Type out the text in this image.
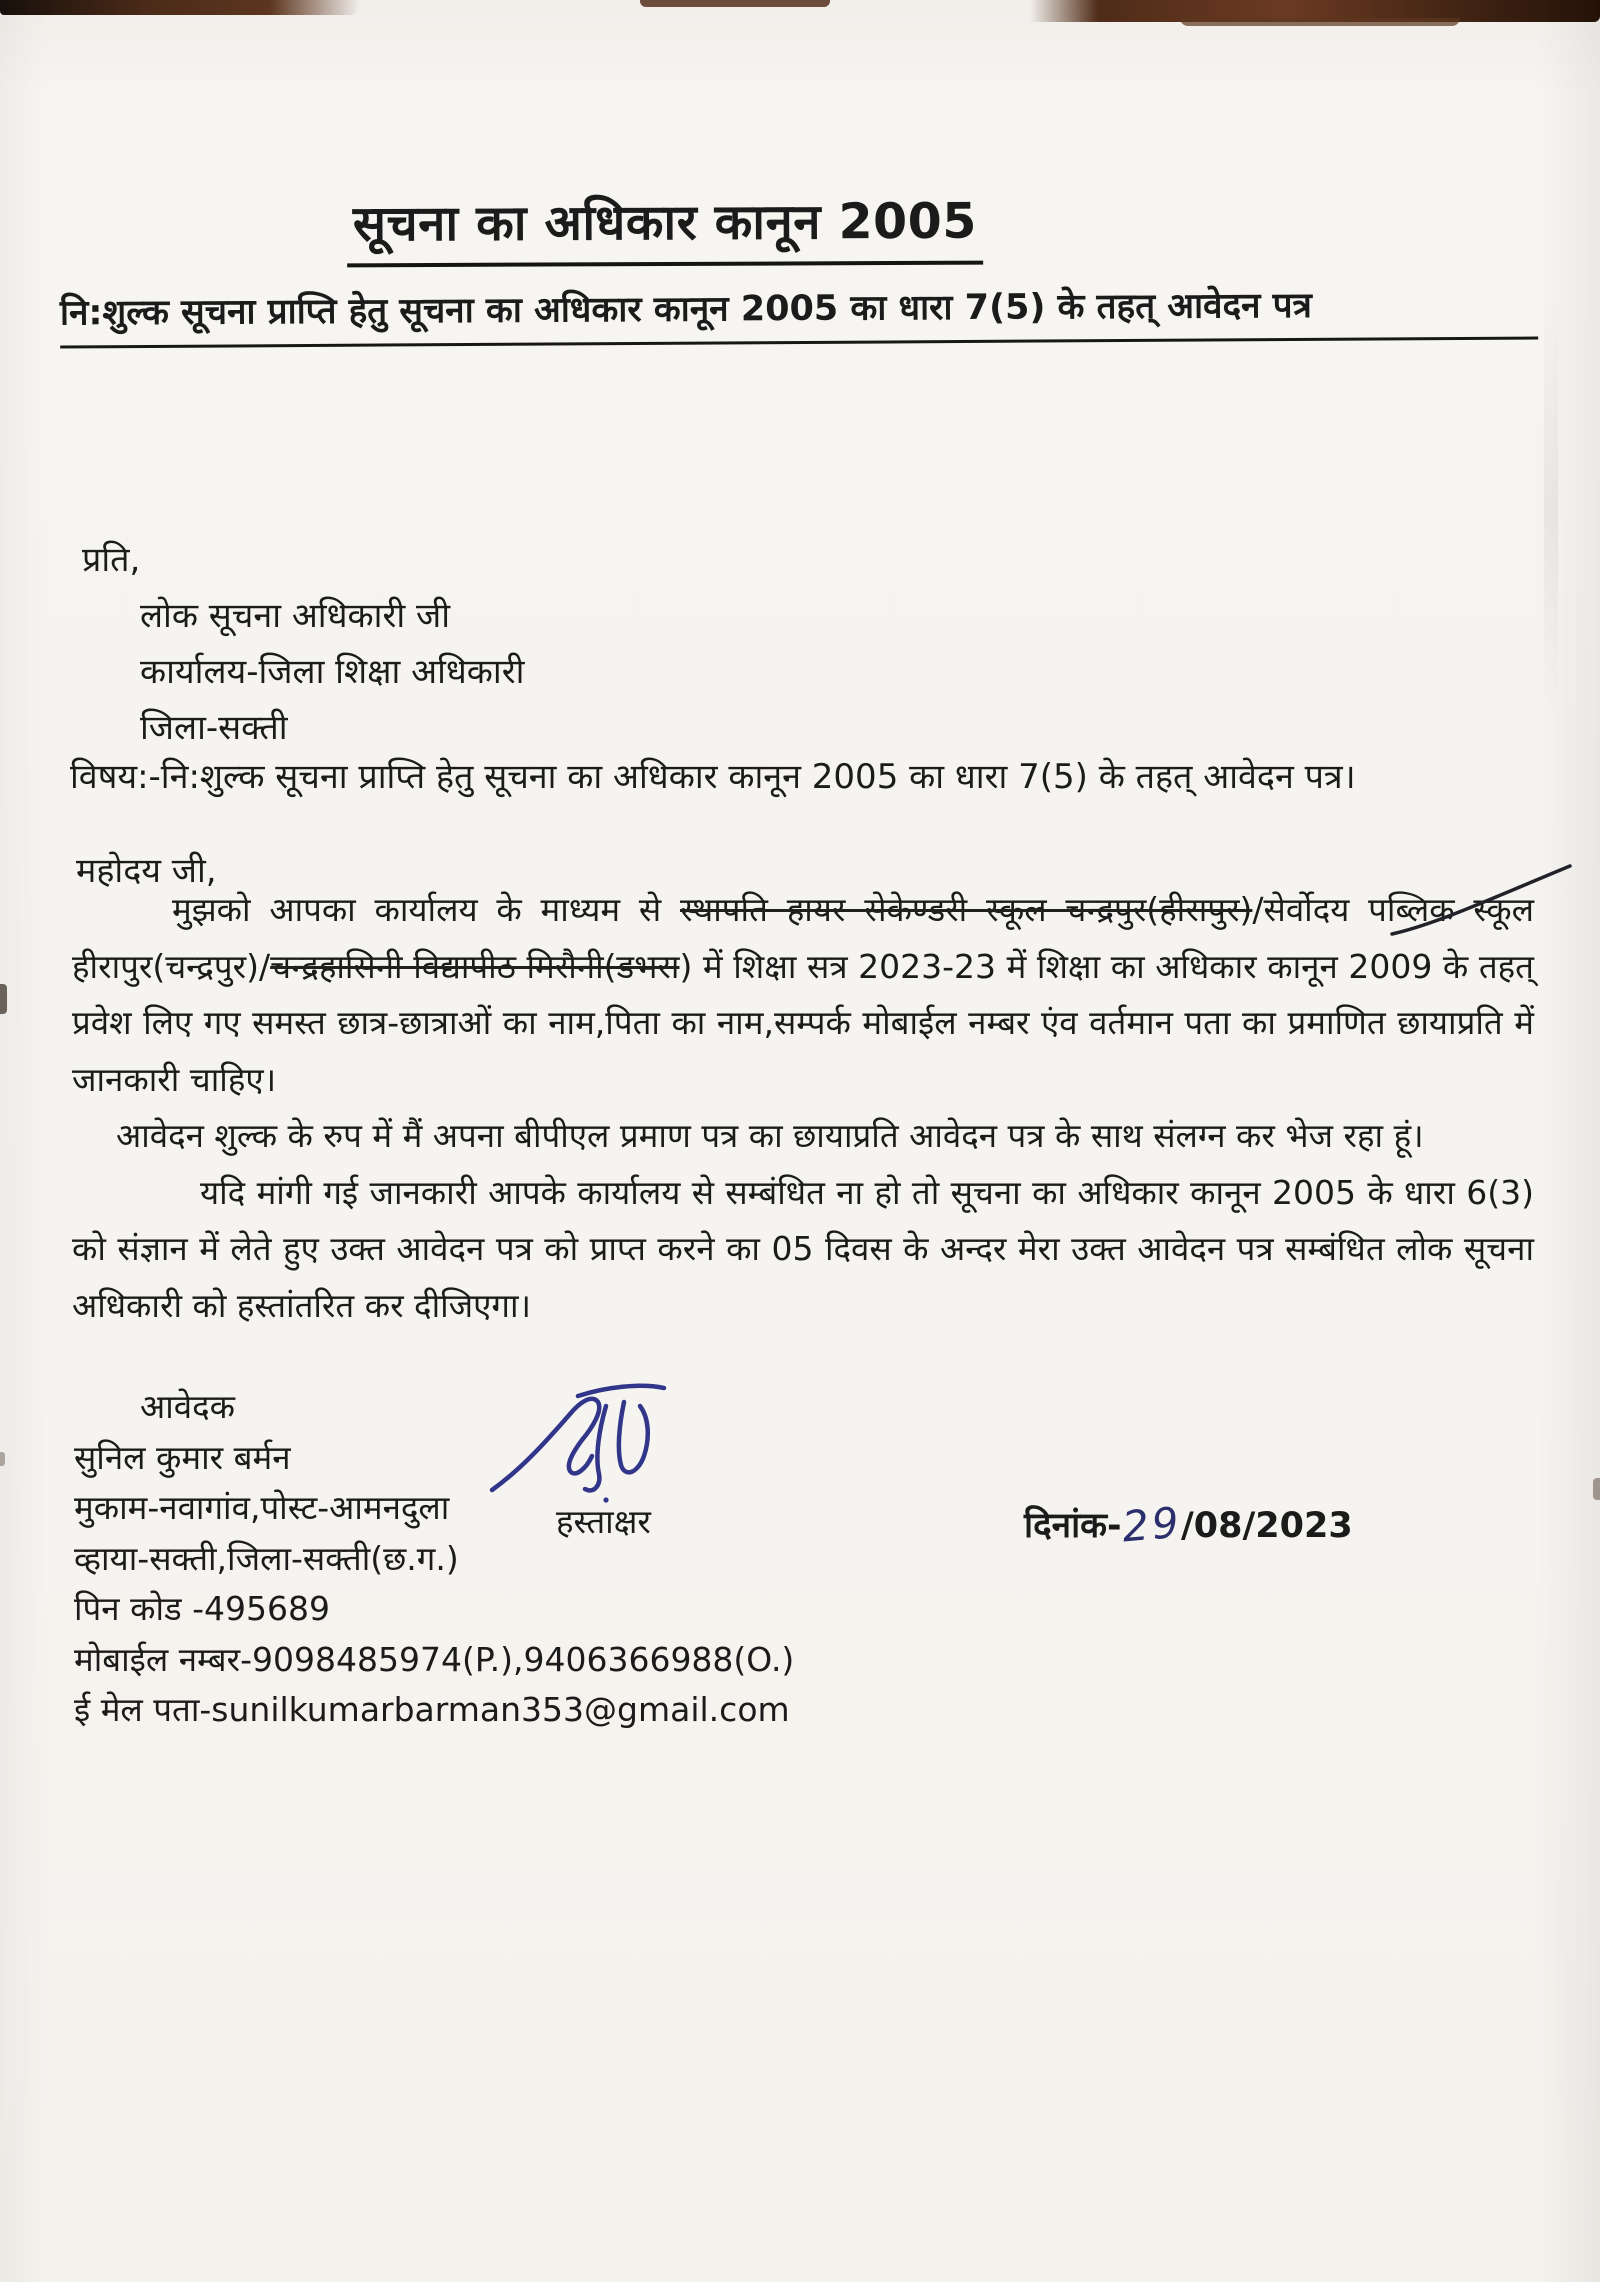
सूचना का अधिकार कानून 2005
नि:शुल्क सूचना प्राप्ति हेतु सूचना का अधिकार कानून 2005 का धारा 7(5) के तहत् आवेदन पत्र
प्रति,
लोक सूचना अधिकारी जी
कार्यालय-जिला शिक्षा अधिकारी
जिला-सक्ती

विषय:-नि:शुल्क सूचना प्राप्ति हेतु सूचना का अधिकार कानून 2005 का धारा 7(5) के तहत् आवेदन पत्र।

महोदय जी,

मुझको आपका कार्यालय के माध्यम से स्थापति हायर सेकेण्डरी स्कूल चन्द्रपुर(हीरापुर)/सेर्वोदय पब्लिक स्कूल हीरापुर(चन्द्रपुर)/चन्द्रहासिनी विद्यापीठ मिरौनी(डभरा) में शिक्षा सत्र 2023-23 में शिक्षा का अधिकार कानून 2009 के तहत् प्रवेश लिए गए समस्त छात्र-छात्राओं का नाम,पिता का नाम,सम्पर्क मोबाईल नम्बर एंव वर्तमान पता का प्रमाणित छायाप्रति में जानकारी चाहिए।

आवेदन शुल्क के रुप में मैं अपना बीपीएल प्रमाण पत्र का छायाप्रति आवेदन पत्र के साथ संलग्न कर भेज रहा हूं।

यदि मांगी गई जानकारी आपके कार्यालय से सम्बंधित ना हो तो सूचना का अधिकार कानून 2005 के धारा 6(3) को संज्ञान में लेते हुए उक्त आवेदन पत्र को प्राप्त करने का 05 दिवस के अन्दर मेरा उक्त आवेदन पत्र सम्बंधित लोक सूचना अधिकारी को हस्तांतरित कर दीजिएगा।

आवेदक
सुनिल कुमार बर्मन
मुकाम-नवागांव,पोस्ट-आमनदुला
व्हाया-सक्ती,जिला-सक्ती(छ.ग.)
पिन कोड -495689
मोबाईल नम्बर-9098485974(P.),9406366988(O.)
ई मेल पता-sunilkumarbarman353@gmail.com

हस्ताक्षर	दिनांक-29/08/2023
